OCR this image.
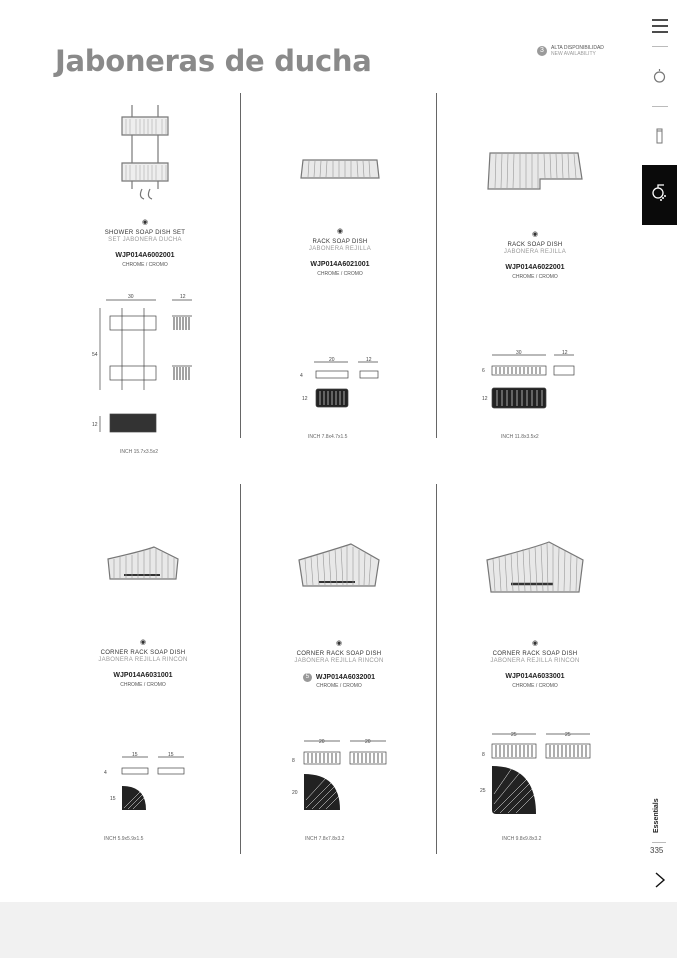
Jaboneras de ducha	3	ALTA DISPONIBILIDAD
NEW AVAILABILITY
◉
SHOWER SOAP DISH SET
SET JABONERA DUCHA
WJP014A6002001
CHROME / CROMO
30	12
54
12
INCH 15.7x3.5x2
◉
RACK SOAP DISH
JABONERA REJILLA
WJP014A6021001
CHROME / CROMO
20	12
4
12
INCH 7.8x4.7x1.5
◉
RACK SOAP DISH
JABONERA REJILLA
WJP014A6022001
CHROME / CROMO
30	12
6
12
INCH 11.8x3.5x2
◉
CORNER RACK SOAP DISH
JABONERA REJILLA RINCON
WJP014A6031001
CHROME / CROMO
15	15
4
15
INCH 5.9x5.9x1.5
◉
CORNER RACK SOAP DISH
JABONERA REJILLA RINCON
5 WJP014A6032001
CHROME / CROMO
20	20
8
20
INCH 7.8x7.8x3.2
◉
CORNER RACK SOAP DISH
JABONERA REJILLA RINCON
WJP014A6033001
CHROME / CROMO
25	25
8
25
INCH 9.8x9.8x3.2
Essentials
335
